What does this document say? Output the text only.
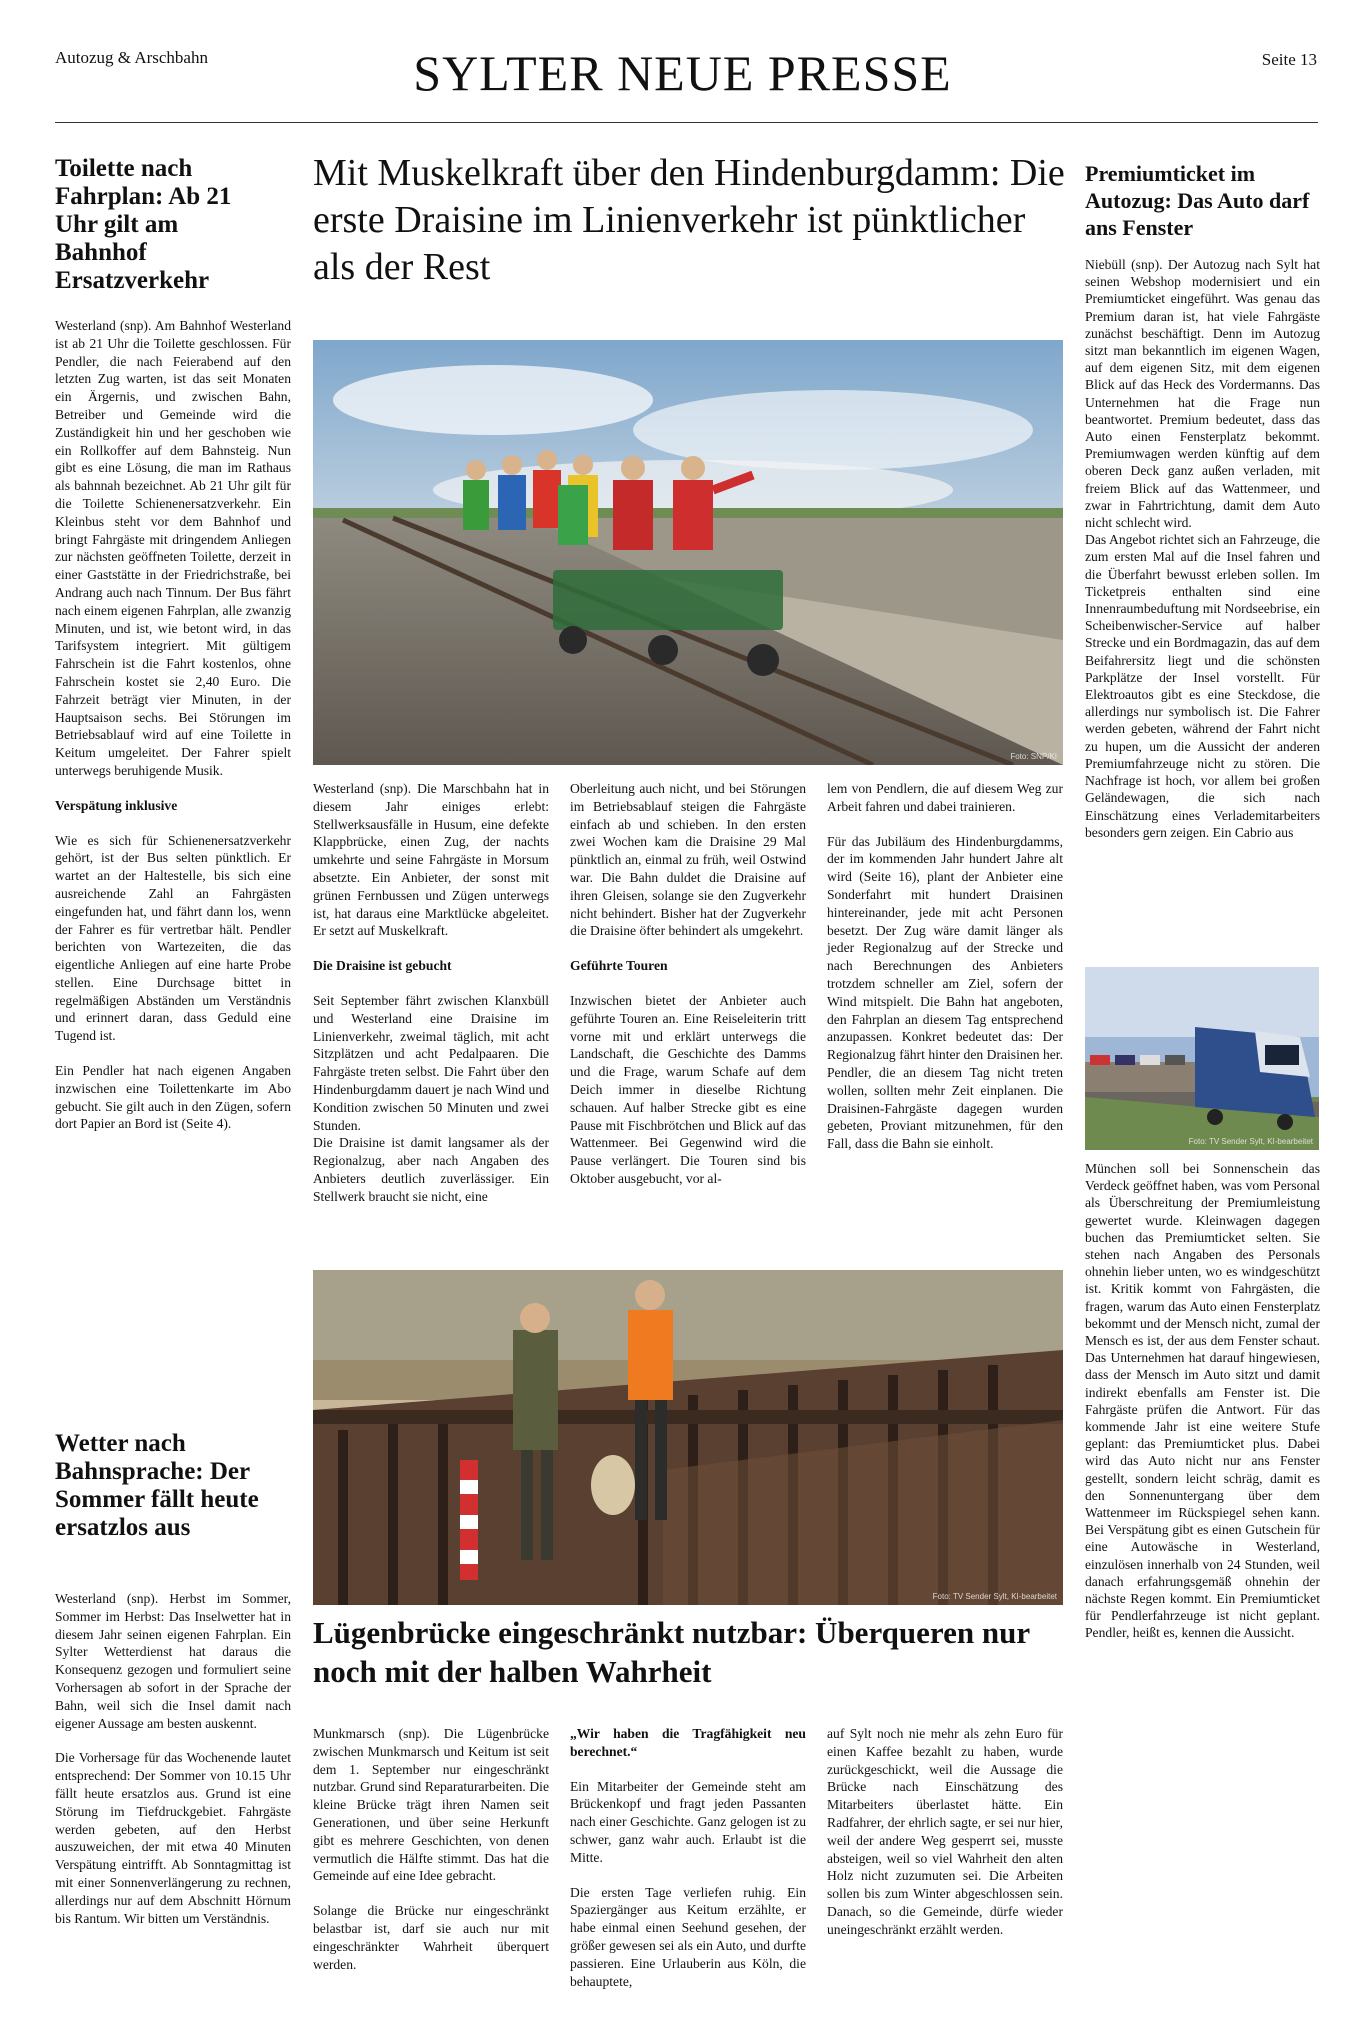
Autozug & Arschbahn	SYLTER NEUE PRESSE	Seite 13
Toilette nach Fahrplan: Ab 21 Uhr gilt am Bahnhof Ersatzverkehr

Westerland (snp). Am Bahnhof Westerland ist ab 21 Uhr die Toilette geschlossen. Für Pendler, die nach Feierabend auf den letzten Zug warten, ist das seit Monaten ein Ärgernis, und zwischen Bahn, Betreiber und Gemeinde wird die Zuständigkeit hin und her geschoben wie ein Rollkoffer auf dem Bahnsteig. Nun gibt es eine Lösung, die man im Rathaus als bahnnah bezeichnet. Ab 21 Uhr gilt für die Toilette Schienenersatzverkehr. Ein Kleinbus steht vor dem Bahnhof und bringt Fahrgäste mit dringendem Anliegen zur nächsten geöffneten Toilette, derzeit in einer Gaststätte in der Friedrichstraße, bei Andrang auch nach Tinnum. Der Bus fährt nach einem eigenen Fahrplan, alle zwanzig Minuten, und ist, wie betont wird, in das Tarifsystem integriert. Mit gültigem Fahrschein ist die Fahrt kostenlos, ohne Fahrschein kostet sie 2,40 Euro. Die Fahrzeit beträgt vier Minuten, in der Hauptsaison sechs. Bei Störungen im Betriebsablauf wird auf eine Toilette in Keitum umgeleitet. Der Fahrer spielt unterwegs beruhigende Musik.

Verspätung inklusive

Wie es sich für Schienenersatzverkehr gehört, ist der Bus selten pünktlich. Er wartet an der Haltestelle, bis sich eine ausreichende Zahl an Fahrgästen eingefunden hat, und fährt dann los, wenn der Fahrer es für vertretbar hält. Pendler berichten von Wartezeiten, die das eigentliche Anliegen auf eine harte Probe stellen. Eine Durchsage bittet in regelmäßigen Abständen um Verständnis und erinnert daran, dass Geduld eine Tugend ist.

Ein Pendler hat nach eigenen Angaben inzwischen eine Toilettenkarte im Abo gebucht. Sie gilt auch in den Zügen, sofern dort Papier an Bord ist (Seite 4).

Wetter nach Bahnsprache: Der Sommer fällt heute ersatzlos aus

Westerland (snp). Herbst im Sommer, Sommer im Herbst: Das Inselwetter hat in diesem Jahr seinen eigenen Fahrplan. Ein Sylter Wetterdienst hat daraus die Konsequenz gezogen und formuliert seine Vorhersagen ab sofort in der Sprache der Bahn, weil sich die Insel damit nach eigener Aussage am besten auskennt.

Die Vorhersage für das Wochenende lautet entsprechend: Der Sommer von 10.15 Uhr fällt heute ersatzlos aus. Grund ist eine Störung im Tiefdruckgebiet. Fahrgäste werden gebeten, auf den Herbst auszuweichen, der mit etwa 40 Minuten Verspätung eintrifft. Ab Sonntagmittag ist mit einer Sonnenverlängerung zu rechnen, allerdings nur auf dem Abschnitt Hörnum bis Rantum. Wir bitten um Verständnis.

Mit Muskelkraft über den Hindenburgdamm: Die erste Draisine im Linienverkehr ist pünktlicher als der Rest
Foto: SNP/KI

Westerland (snp). Die Marschbahn hat in diesem Jahr einiges erlebt: Stellwerksausfälle in Husum, eine defekte Klappbrücke, einen Zug, der nachts umkehrte und seine Fahrgäste in Morsum absetzte. Ein Anbieter, der sonst mit grünen Fernbussen und Zügen unterwegs ist, hat daraus eine Marktlücke abgeleitet. Er setzt auf Muskelkraft.

Die Draisine ist gebucht

Seit September fährt zwischen Klanxbüll und Westerland eine Draisine im Linienverkehr, zweimal täglich, mit acht Sitzplätzen und acht Pedalpaaren. Die Fahrgäste treten selbst. Die Fahrt über den Hindenburgdamm dauert je nach Wind und Kondition zwischen 50 Minuten und zwei Stunden.

Die Draisine ist damit langsamer als der Regionalzug, aber nach Angaben des Anbieters deutlich zuverlässiger. Ein Stellwerk braucht sie nicht, eine

Oberleitung auch nicht, und bei Störungen im Betriebsablauf steigen die Fahrgäste einfach ab und schieben. In den ersten zwei Wochen kam die Draisine 29 Mal pünktlich an, einmal zu früh, weil Ostwind war. Die Bahn duldet die Draisine auf ihren Gleisen, solange sie den Zugverkehr nicht behindert. Bisher hat der Zugverkehr die Draisine öfter behindert als umgekehrt.

Geführte Touren

Inzwischen bietet der Anbieter auch geführte Touren an. Eine Reiseleiterin tritt vorne mit und erklärt unterwegs die Landschaft, die Geschichte des Damms und die Frage, warum Schafe auf dem Deich immer in dieselbe Richtung schauen. Auf halber Strecke gibt es eine Pause mit Fischbrötchen und Blick auf das Wattenmeer. Bei Gegenwind wird die Pause verlängert. Die Touren sind bis Oktober ausgebucht, vor al-

lem von Pendlern, die auf diesem Weg zur Arbeit fahren und dabei trainieren.

Für das Jubiläum des Hindenburgdamms, der im kommenden Jahr hundert Jahre alt wird (Seite 16), plant der Anbieter eine Sonderfahrt mit hundert Draisinen hintereinander, jede mit acht Personen besetzt. Der Zug wäre damit länger als jeder Regionalzug auf der Strecke und nach Berechnungen des Anbieters trotzdem schneller am Ziel, sofern der Wind mitspielt. Die Bahn hat angeboten, den Fahrplan an diesem Tag entsprechend anzupassen. Konkret bedeutet das: Der Regionalzug fährt hinter den Draisinen her. Pendler, die an diesem Tag nicht treten wollen, sollten mehr Zeit einplanen. Die Draisinen-Fahrgäste dagegen wurden gebeten, Proviant mitzunehmen, für den Fall, dass die Bahn sie einholt.

Foto: TV Sender Sylt, KI-bearbeitet
Lügenbrücke eingeschränkt nutzbar: Überqueren nur noch mit der halben Wahrheit

Munkmarsch (snp). Die Lügenbrücke zwischen Munkmarsch und Keitum ist seit dem 1. September nur eingeschränkt nutzbar. Grund sind Reparaturarbeiten. Die kleine Brücke trägt ihren Namen seit Generationen, und über seine Herkunft gibt es mehrere Geschichten, von denen vermutlich die Hälfte stimmt. Das hat die Gemeinde auf eine Idee gebracht.

Solange die Brücke nur eingeschränkt belastbar ist, darf sie auch nur mit eingeschränkter Wahrheit überquert werden.

„Wir haben die Tragfähigkeit neu berechnet.“

Ein Mitarbeiter der Gemeinde steht am Brückenkopf und fragt jeden Passanten nach einer Geschichte. Ganz gelogen ist zu schwer, ganz wahr auch. Erlaubt ist die Mitte.

Die ersten Tage verliefen ruhig. Ein Spaziergänger aus Keitum erzählte, er habe einmal einen Seehund gesehen, der größer gewesen sei als ein Auto, und durfte passieren. Eine Urlauberin aus Köln, die behauptete,

auf Sylt noch nie mehr als zehn Euro für einen Kaffee bezahlt zu haben, wurde zurückgeschickt, weil die Aussage die Brücke nach Einschätzung des Mitarbeiters überlastet hätte. Ein Radfahrer, der ehrlich sagte, er sei nur hier, weil der andere Weg gesperrt sei, musste absteigen, weil so viel Wahrheit den alten Holz nicht zuzumuten sei. Die Arbeiten sollen bis zum Winter abgeschlossen sein. Danach, so die Gemeinde, dürfe wieder uneingeschränkt erzählt werden.

Premiumticket im Autozug: Das Auto darf ans Fenster

Niebüll (snp). Der Autozug nach Sylt hat seinen Webshop modernisiert und ein Premiumticket eingeführt. Was genau das Premium daran ist, hat viele Fahrgäste zunächst beschäftigt. Denn im Autozug sitzt man bekanntlich im eigenen Wagen, auf dem eigenen Sitz, mit dem eigenen Blick auf das Heck des Vordermanns. Das Unternehmen hat die Frage nun beantwortet. Premium bedeutet, dass das Auto einen Fensterplatz bekommt. Premiumwagen werden künftig auf dem oberen Deck ganz außen verladen, mit freiem Blick auf das Wattenmeer, und zwar in Fahrtrichtung, damit dem Auto nicht schlecht wird.

Das Angebot richtet sich an Fahrzeuge, die zum ersten Mal auf die Insel fahren und die Überfahrt bewusst erleben sollen. Im Ticketpreis enthalten sind eine Innenraumbeduftung mit Nordseebrise, ein Scheibenwischer-Service auf halber Strecke und ein Bordmagazin, das auf dem Beifahrersitz liegt und die schönsten Parkplätze der Insel vorstellt. Für Elektroautos gibt es eine Steckdose, die allerdings nur symbolisch ist. Die Fahrer werden gebeten, während der Fahrt nicht zu hupen, um die Aussicht der anderen Premiumfahrzeuge nicht zu stören. Die Nachfrage ist hoch, vor allem bei großen Geländewagen, die sich nach Einschätzung eines Verlademitarbeiters besonders gern zeigen. Ein Cabrio aus

Foto: TV Sender Sylt, KI-bearbeitet

München soll bei Sonnenschein das Verdeck geöffnet haben, was vom Personal als Überschreitung der Premiumleistung gewertet wurde. Kleinwagen dagegen buchen das Premiumticket selten. Sie stehen nach Angaben des Personals ohnehin lieber unten, wo es windgeschützt ist. Kritik kommt von Fahrgästen, die fragen, warum das Auto einen Fensterplatz bekommt und der Mensch nicht, zumal der Mensch es ist, der aus dem Fenster schaut. Das Unternehmen hat darauf hingewiesen, dass der Mensch im Auto sitzt und damit indirekt ebenfalls am Fenster ist. Die Fahrgäste prüfen die Antwort. Für das kommende Jahr ist eine weitere Stufe geplant: das Premiumticket plus. Dabei wird das Auto nicht nur ans Fenster gestellt, sondern leicht schräg, damit es den Sonnenuntergang über dem Wattenmeer im Rückspiegel sehen kann. Bei Verspätung gibt es einen Gutschein für eine Autowäsche in Westerland, einzulösen innerhalb von 24 Stunden, weil danach erfahrungsgemäß ohnehin der nächste Regen kommt. Ein Premiumticket für Pendlerfahrzeuge ist nicht geplant. Pendler, heißt es, kennen die Aussicht.
